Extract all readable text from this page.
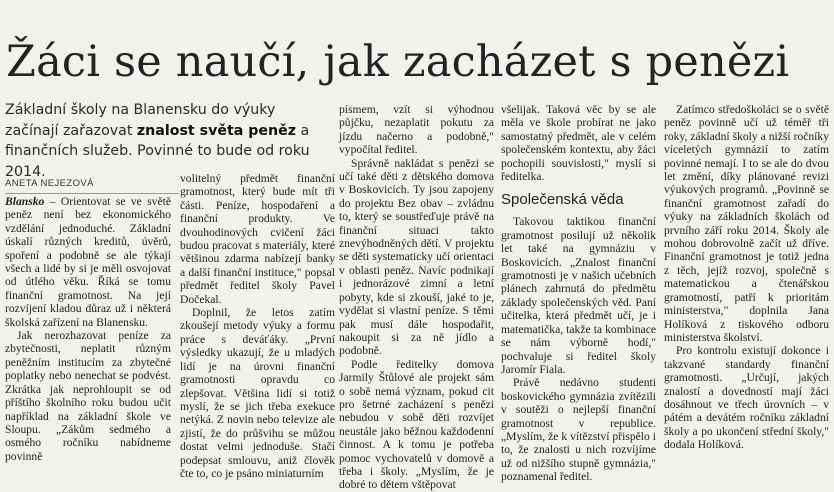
Žáci se naučí, jak zacházet s penězi

Základní školy na Blanensku do výuky začínají zařazovat znalost světa peněz a finančních služeb. Povinné to bude od roku 2014.

ANETA NEJEZOVÁ

Blansko – Orientovat se ve světě peněz není bez ekonomického vzdělání jednoduché. Základní úskalí různých kreditů, úvěrů, spoření a podobně se ale týkají všech a lidé by si je měli osvojovat od útlého věku. Říká se tomu finanční gramotnost. Na její rozvíjení kladou důraz už i některá školská zařízení na Blanensku.

Jak nerozhazovat peníze za zbytečnosti, neplatit různým peněžním institucím za zbytečné poplatky nebo nenechat se podvést. Zkrátka jak neprohloupit se od příštího školního roku budou učit například na základní škole ve Sloupu. „Zákům sedmého a osmého ročníku nabídneme povinně

volitelný předmět finanční gramotnost, který bude mít tři části. Peníze, hospodaření a finanční produkty. Ve dvouhodinových cvičení žáci budou pracovat s materiály, které většinou zdarma nabízejí banky a další finanční instituce," popsal předmět ředitel školy Pavel Dočekal.

Doplnil, že letos zatím zkoušejí metody výuky a formu práce s deváťáky. „První výsledky ukazují, že u mladých lidí je na úrovni finanční gramotnosti opravdu co zlepšovat. Většina lidí si totiž myslí, že se jich třeba exekuce netýká. Z novin nebo televize ale zjistí, že do průšvihu se můžou dostat velmi jednoduše. Stačí podepsat smlouvu, aniž člověk čte to, co je psáno miniaturním

písmem, vzít si výhodnou půjčku, nezaplatit pokutu za jízdu načerno a podobně," vypočítal ředitel.

Správně nakládat s penězi se učí také děti z dětského domova v Boskovicích. Ty jsou zapojeny do projektu Bez obav – zvládnu to, který se soustřeďuje právě na finanční situaci takto znevýhodněných dětí. V projektu se děti systematicky učí orientaci v oblasti peněz. Navíc podnikají i jednorázové zimní a letní pobyty, kde si zkouší, jaké to je, vydělat si vlastní peníze. S těmi pak musí dále hospodařit, nakoupit si za ně jídlo a podobně.

Podle ředitelky domova Jarmily Štůlové ale projekt sám o sobě nemá význam, pokud cit pro šetrné zacházení s penězi nebudou v sobě děti rozvíjet neustále jako běžnou každodenní činnost. A k tomu je potřeba pomoc vychovatelů v domově a třeba i školy. „Myslím, že je dobré to dětem vštěpovat

všelijak. Taková věc by se ale měla ve škole probírat ne jako samostatný předmět, ale v celém společenském kontextu, aby žáci pochopili souvislosti," myslí si ředitelka.

Společenská věda

Takovou taktikou finanční gramotnost posilují už několik let také na gymnáziu v Boskovicích. „Znalost finanční gramotnosti je v našich učebních plánech zahrnutá do předmětu základy společenských věd. Paní učitelka, která předmět učí, je i matematička, takže ta kombinace se nám výborně hodí," pochvaluje si ředitel školy Jaromír Fiala.

Právě nedávno studenti boskovického gymnázia zvítězili v soutěži o nejlepší finanční gramotnost v republice. „Myslím, že k vítězství přispělo i to, že znalosti u nich rozvíjíme už od nižšího stupně gymnázia," poznamenal ředitel.

Zatímco středoškoláci se o světě peněz povinně učí už téměř tři roky, základní školy a nižší ročníky víceletých gymnázií to zatím povinné nemají. I to se ale do dvou let změní, díky plánované revizi výukových programů. „Povinně se finanční gramotnost zařadí do výuky na základních školách od prvního září roku 2014. Školy ale mohou dobrovolně začít už dříve. Finanční gramotnost je totiž jedna z těch, jejíž rozvoj, společně s matematickou a čtenářskou gramotností, patří k prioritám ministerstva," doplnila Jana Holíková z tiskového odboru ministerstva školství.

Pro kontrolu existují dokonce i takzvané standardy finanční gramotnosti. „Určují, jakých znalostí a dovedností mají žáci dosáhnout ve třech úrovních – v pátém a devátém ročníku základní školy a po ukončení střední školy," dodala Holíková.
